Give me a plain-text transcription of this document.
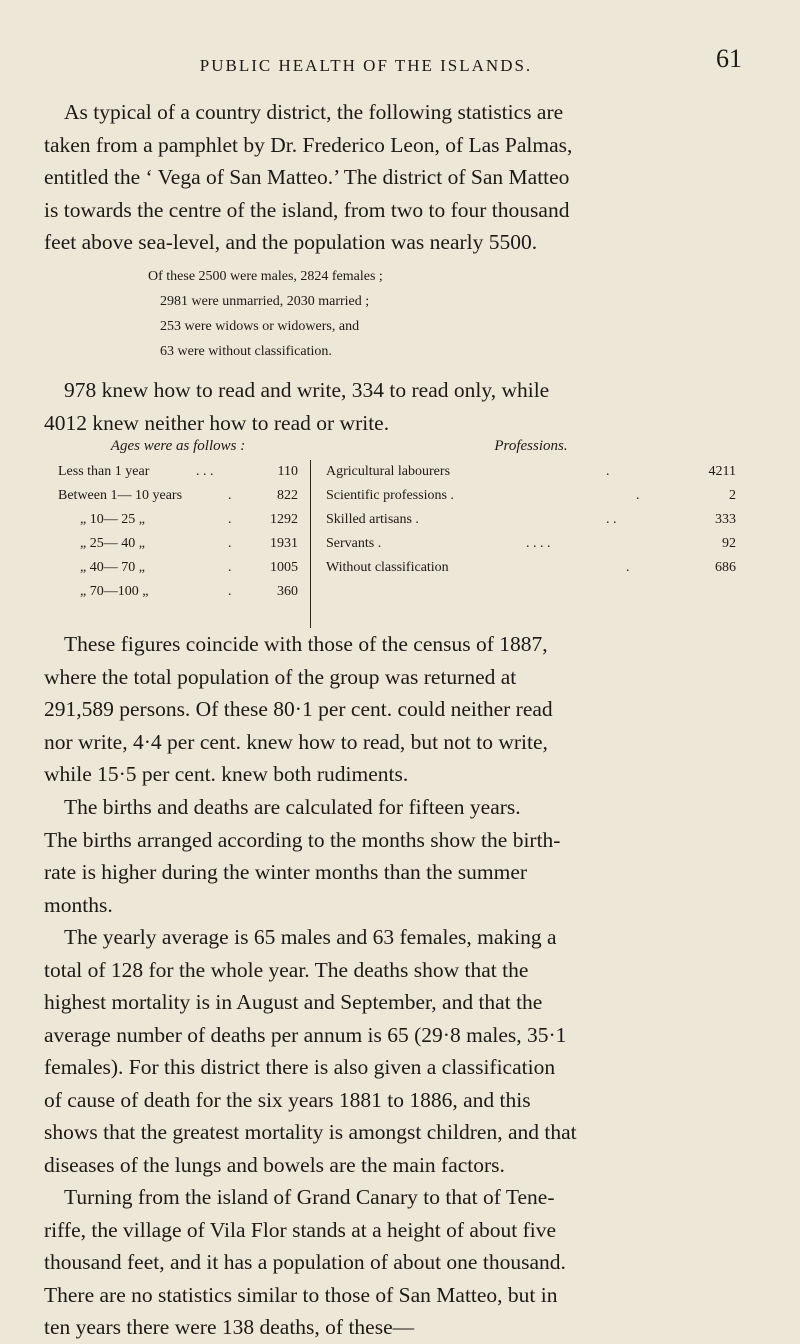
PUBLIC HEALTH OF THE ISLANDS.	61
As typical of a country district, the following statistics are
taken from a pamphlet by Dr. Frederico Leon, of Las Palmas,
entitled the ‘ Vega of San Matteo.’ The district of San Matteo
is towards the centre of the island, from two to four thousand
feet above sea-level, and the population was nearly 5500.
Of these 2500 were males, 2824 females ;
2981 were unmarried, 2030 married ;
253 were widows or widowers, and
63 were without classification.
978 knew how to read and write, 334 to read only, while
4012 knew neither how to read or write.
Ages were as follows :
Less than 1 year	. . .	110
Between 1— 10 years	.	822
„ 10— 25 „	.	1292
„ 25— 40 „	.	1931
„ 40— 70 „	.	1005
„ 70—100 „	.	360
Professions.
Agricultural labourers	.	4211
Scientific professions .	.	2
Skilled artisans .	. .	333
Servants .	. . . .	92
Without classification	.	686
These figures coincide with those of the census of 1887,
where the total population of the group was returned at
291,589 persons. Of these 80·1 per cent. could neither read
nor write, 4·4 per cent. knew how to read, but not to write,
while 15·5 per cent. knew both rudiments.
The births and deaths are calculated for fifteen years.
The births arranged according to the months show the birth-
rate is higher during the winter months than the summer
months.
The yearly average is 65 males and 63 females, making a
total of 128 for the whole year. The deaths show that the
highest mortality is in August and September, and that the
average number of deaths per annum is 65 (29·8 males, 35·1
females). For this district there is also given a classification
of cause of death for the six years 1881 to 1886, and this
shows that the greatest mortality is amongst children, and that
diseases of the lungs and bowels are the main factors.
Turning from the island of Grand Canary to that of Tene-
riffe, the village of Vila Flor stands at a height of about five
thousand feet, and it has a population of about one thousand.
There are no statistics similar to those of San Matteo, but in
ten years there were 138 deaths, of these—
